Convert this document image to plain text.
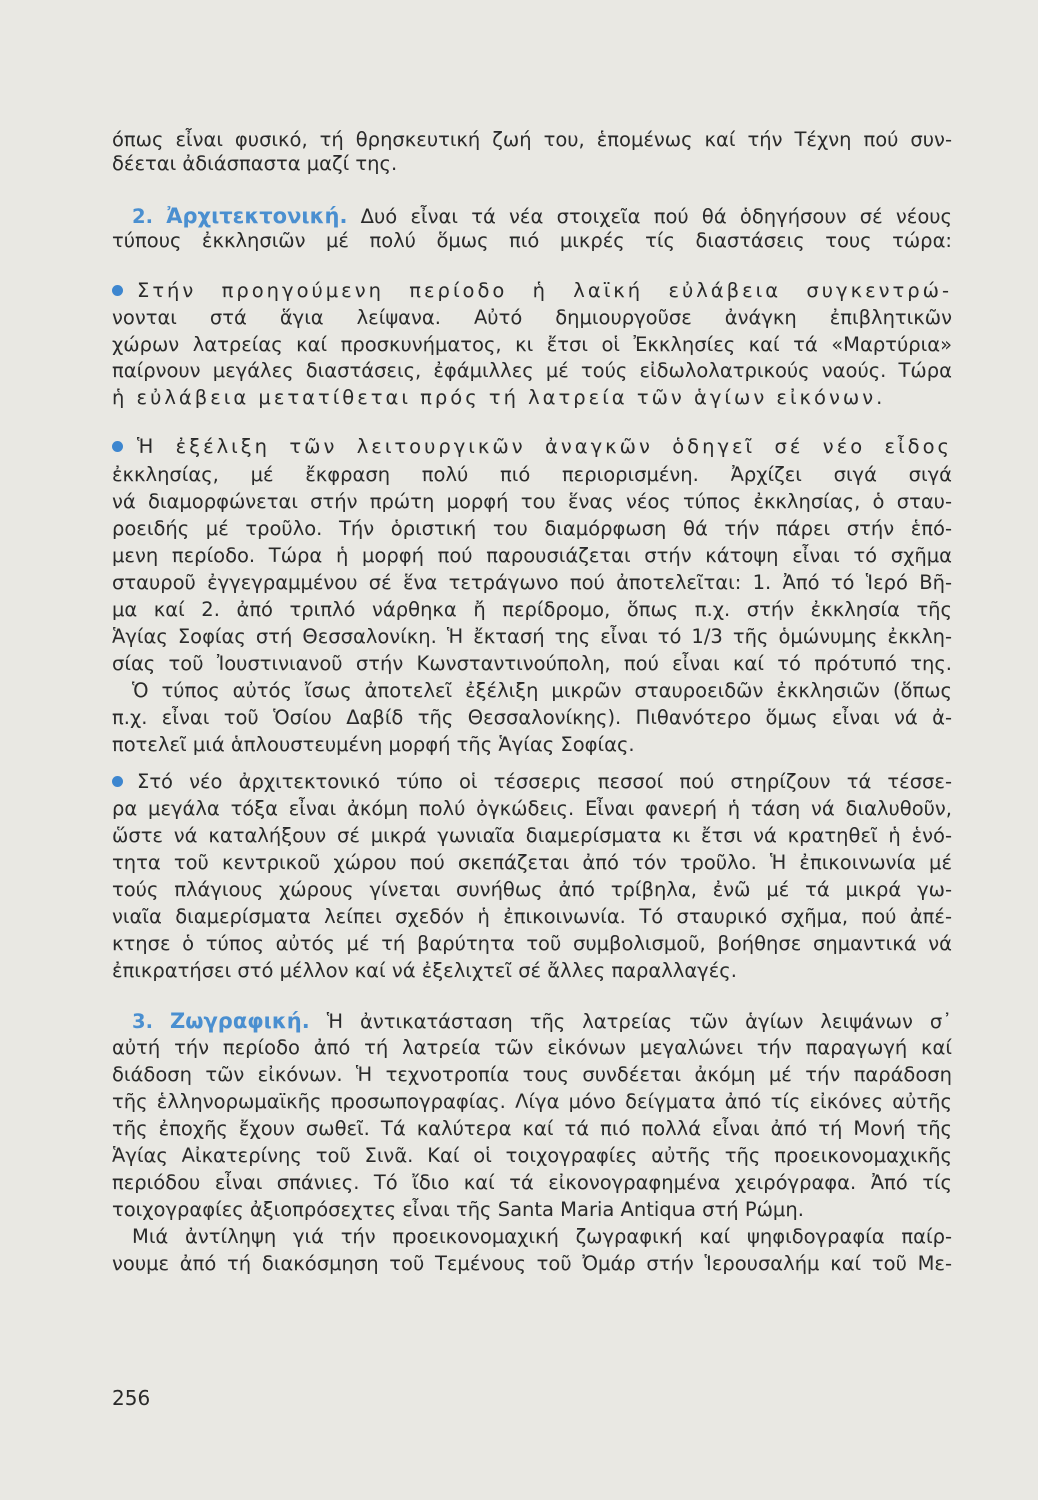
όπως εἶναι φυσικό, τή θρησκευτική ζωή του, ἑπομένως καί τήν Τέχνη πού συν-
δέεται ἀδιάσπαστα μαζί της.
2. Ἀρχιτεκτονική. Δυό εἶναι τά νέα στοιχεῖα πού θά ὁδηγήσουν σέ νέους
τύπους ἐκκλησιῶν μέ πολύ ὅμως πιό μικρές τίς διαστάσεις τους τώρα:
Στήν προηγούμενη περίοδο ἡ λαϊκή εὐλάβεια συγκεντρώ-
νονται στά ἅγια λείψανα. Αὐτό δημιουργοῦσε ἀνάγκη ἐπιβλητικῶν
χώρων λατρείας καί προσκυνήματος, κι ἔτσι οἱ Ἐκκλησίες καί τά «Μαρτύρια»
παίρνουν μεγάλες διαστάσεις, ἐφάμιλλες μέ τούς εἰδωλολατρικούς ναούς. Τώρα
ἡ εὐλάβεια μετατίθεται πρός τή λατρεία τῶν ἁγίων εἰκόνων.
Ἡ ἐξέλιξη τῶν λειτουργικῶν ἀναγκῶν ὁδηγεῖ σέ νέο εἶδος
ἐκκλησίας, μέ ἔκφραση πολύ πιό περιορισμένη. Ἀρχίζει σιγά σιγά
νά διαμορφώνεται στήν πρώτη μορφή του ἕνας νέος τύπος ἐκκλησίας, ὁ σταυ-
ροειδής μέ τροῦλο. Τήν ὁριστική του διαμόρφωση θά τήν πάρει στήν ἑπό-
μενη περίοδο. Τώρα ἡ μορφή πού παρουσιάζεται στήν κάτοψη εἶναι τό σχῆμα
σταυροῦ ἐγγεγραμμένου σέ ἕνα τετράγωνο πού ἀποτελεῖται: 1. Ἀπό τό Ἱερό Βῆ-
μα καί 2. ἀπό τριπλό νάρθηκα ἤ περίδρομο, ὅπως π.χ. στήν ἐκκλησία τῆς
Ἁγίας Σοφίας στή Θεσσαλονίκη. Ἡ ἔκτασή της εἶναι τό 1/3 τῆς ὁμώνυμης ἐκκλη-
σίας τοῦ Ἰουστινιανοῦ στήν Κωνσταντινούπολη, πού εἶναι καί τό πρότυπό της.
Ὁ τύπος αὐτός ἴσως ἀποτελεῖ ἐξέλιξη μικρῶν σταυροειδῶν ἐκκλησιῶν (ὅπως
π.χ. εἶναι τοῦ Ὁσίου Δαβίδ τῆς Θεσσαλονίκης). Πιθανότερο ὅμως εἶναι νά ἀ-
ποτελεῖ μιά ἁπλουστευμένη μορφή τῆς Ἁγίας Σοφίας.
Στό νέο ἀρχιτεκτονικό τύπο οἱ τέσσερις πεσσοί πού στηρίζουν τά τέσσε-
ρα μεγάλα τόξα εἶναι ἀκόμη πολύ ὀγκώδεις. Εἶναι φανερή ἡ τάση νά διαλυθοῦν,
ὥστε νά καταλήξουν σέ μικρά γωνιαῖα διαμερίσματα κι ἔτσι νά κρατηθεῖ ἡ ἑνό-
τητα τοῦ κεντρικοῦ χώρου πού σκεπάζεται ἀπό τόν τροῦλο. Ἡ ἐπικοινωνία μέ
τούς πλάγιους χώρους γίνεται συνήθως ἀπό τρίβηλα, ἐνῶ μέ τά μικρά γω-
νιαῖα διαμερίσματα λείπει σχεδόν ἡ ἐπικοινωνία. Τό σταυρικό σχῆμα, πού ἀπέ-
κτησε ὁ τύπος αὐτός μέ τή βαρύτητα τοῦ συμβολισμοῦ, βοήθησε σημαντικά νά
ἐπικρατήσει στό μέλλον καί νά ἐξελιχτεῖ σέ ἄλλες παραλλαγές.
3. Ζωγραφική. Ἡ ἀντικατάσταση τῆς λατρείας τῶν ἁγίων λειψάνων σ᾽
αὐτή τήν περίοδο ἀπό τή λατρεία τῶν εἰκόνων μεγαλώνει τήν παραγωγή καί
διάδοση τῶν εἰκόνων. Ἡ τεχνοτροπία τους συνδέεται ἀκόμη μέ τήν παράδοση
τῆς ἑλληνορωμαϊκῆς προσωπογραφίας. Λίγα μόνο δείγματα ἀπό τίς εἰκόνες αὐτῆς
τῆς ἐποχῆς ἔχουν σωθεῖ. Τά καλύτερα καί τά πιό πολλά εἶναι ἀπό τή Μονή τῆς
Ἁγίας Αἰκατερίνης τοῦ Σινᾶ. Καί οἱ τοιχογραφίες αὐτῆς τῆς προεικονομαχικῆς
περιόδου εἶναι σπάνιες. Τό ἴδιο καί τά εἰκονογραφημένα χειρόγραφα. Ἀπό τίς
τοιχογραφίες ἀξιοπρόσεχτες εἶναι τῆς Santa Maria Antiqua στή Ρώμη.
Μιά ἀντίληψη γιά τήν προεικονομαχική ζωγραφική καί ψηφιδογραφία παίρ-
νουμε ἀπό τή διακόσμηση τοῦ Τεμένους τοῦ Ὀμάρ στήν Ἱερουσαλήμ καί τοῦ Με-
256
